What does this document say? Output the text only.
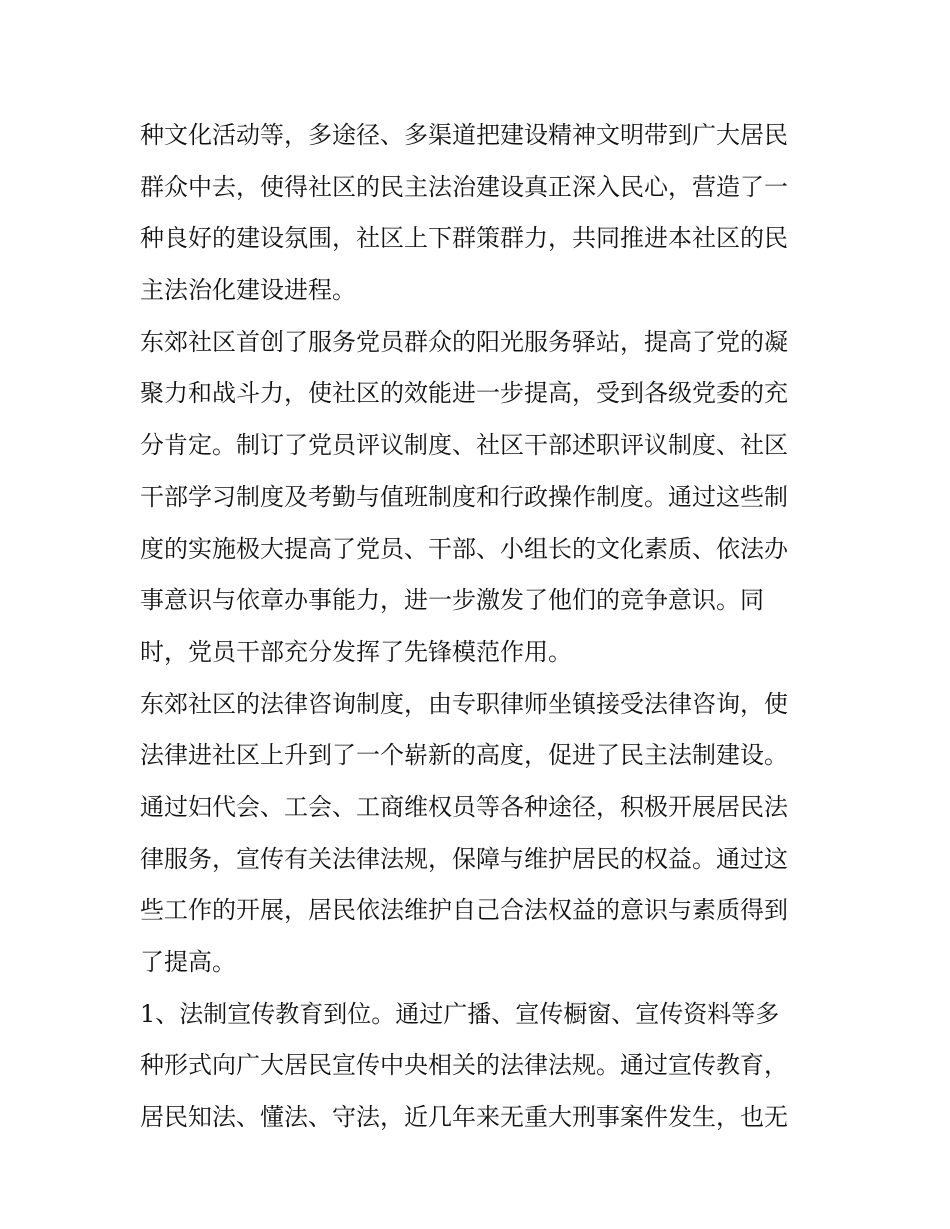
种文化活动等，多途径、多渠道把建设精神文明带到广大居民
群众中去，使得社区的民主法治建设真正深入民心，营造了一
种良好的建设氛围，社区上下群策群力，共同推进本社区的民
主法治化建设进程。
东郊社区首创了服务党员群众的阳光服务驿站，提高了党的凝
聚力和战斗力，使社区的效能进一步提高，受到各级党委的充
分肯定。制订了党员评议制度、社区干部述职评议制度、社区
干部学习制度及考勤与值班制度和行政操作制度。通过这些制
度的实施极大提高了党员、干部、小组长的文化素质、依法办
事意识与依章办事能力，进一步激发了他们的竞争意识。同
时，党员干部充分发挥了先锋模范作用。
东郊社区的法律咨询制度，由专职律师坐镇接受法律咨询，使
法律进社区上升到了一个崭新的高度，促进了民主法制建设。
通过妇代会、工会、工商维权员等各种途径，积极开展居民法
律服务，宣传有关法律法规，保障与维护居民的权益。通过这
些工作的开展，居民依法维护自己合法权益的意识与素质得到
了提高。
1、法制宣传教育到位。通过广播、宣传橱窗、宣传资料等多
种形式向广大居民宣传中央相关的法律法规。通过宣传教育，
居民知法、懂法、守法，近几年来无重大刑事案件发生，也无
